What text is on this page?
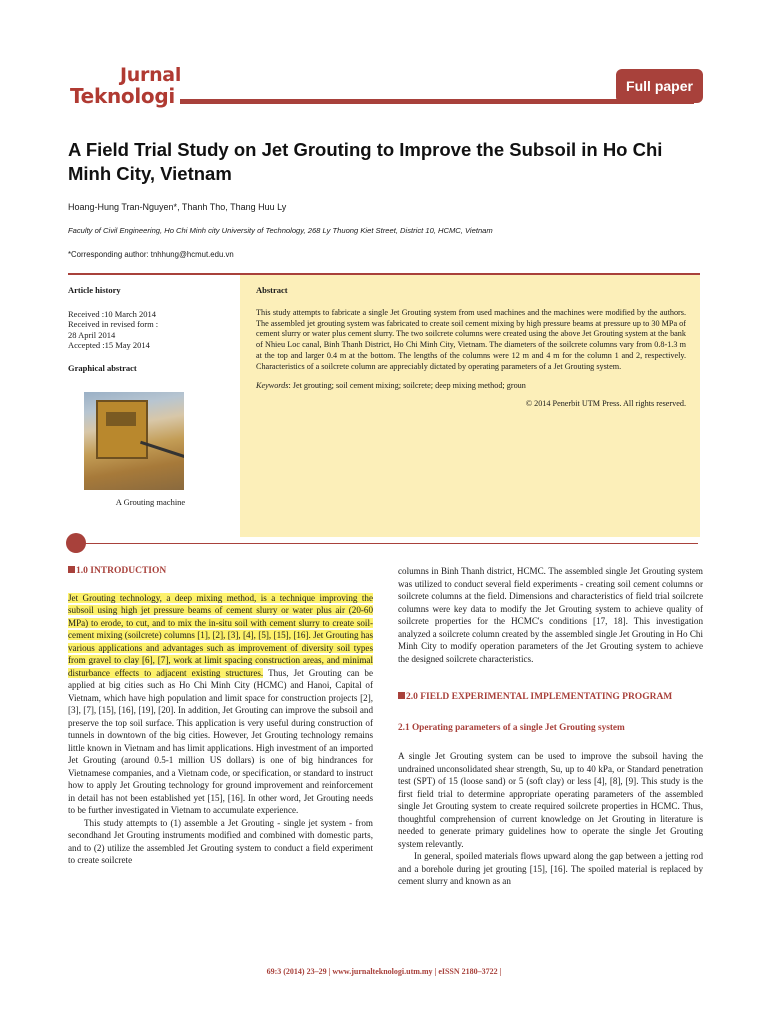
Jurnal
Teknologi	Full paper
A Field Trial Study on Jet Grouting to Improve the Subsoil in Ho Chi Minh City, Vietnam
Hoang-Hung Tran-Nguyen*, Thanh Tho, Thang Huu Ly
Faculty of Civil Engineering, Ho Chi Minh city University of Technology, 268 Ly Thuong Kiet Street, District 10, HCMC, Vietnam
*Corresponding author: tnhhung@hcmut.edu.vn
Article history
Received :10 March 2014
Received in revised form :
28 April 2014
Accepted :15 May 2014
Graphical abstract
A Grouting machine
Abstract

This study attempts to fabricate a single Jet Grouting system from used machines and the machines were modified by the authors. The assembled jet grouting system was fabricated to create soil cement mixing by high pressure beams at pressure up to 30 MPa of cement slurry or water plus cement slurry. The two soilcrete columns were created using the above Jet Grouting system at the bank of Nhieu Loc canal, Binh Thanh District, Ho Chi Minh City, Vietnam. The diameters of the soilcrete columns vary from 0.8-1.3 m at the top and larger 0.4 m at the bottom. The lengths of the columns were 12 m and 4 m for the column 1 and 2, respectively. Characteristics of a soilcrete column are appreciably dictated by operating parameters of a Jet Grouting system.

Keywords: Jet grouting; soil cement mixing; soilcrete; deep mixing method; groun

© 2014 Penerbit UTM Press. All rights reserved.

1.0 INTRODUCTION

Jet Grouting technology, a deep mixing method, is a technique improving the subsoil using high jet pressure beams of cement slurry or water plus air (20-60 MPa) to erode, to cut, and to mix the in-situ soil with cement slurry to create soil-cement mixing (soilcrete) columns [1], [2], [3], [4], [5], [15], [16]. Jet Grouting has various applications and advantages such as improvement of diversity soil types from gravel to clay [6], [7], work at limit spacing construction areas, and minimal disturbance effects to adjacent existing structures. Thus, Jet Grouting can be applied at big cities such as Ho Chi Minh City (HCMC) and Hanoi, Capital of Vietnam, which have high population and limit space for construction projects [2], [3], [7], [15], [16], [19], [20]. In addition, Jet Grouting can improve the subsoil and preserve the top soil surface. This application is very useful during construction of tunnels in downtown of the big cities. However, Jet Grouting technology remains little known in Vietnam and has limit applications. High investment of an imported Jet Grouting (around 0.5-1 million US dollars) is one of big hindrances for Vietnamese companies, and a Vietnam code, or specification, or standard to instruct how to apply Jet Grouting technology for ground improvement and reinforcement in detail has not been established yet [15], [16]. In other word, Jet Grouting needs to be further investigated in Vietnam to accumulate experience.

This study attempts to (1) assemble a Jet Grouting - single jet system - from secondhand Jet Grouting instruments modified and combined with domestic parts, and to (2) utilize the assembled Jet Grouting system to conduct a field experiment to create soilcrete

columns in Binh Thanh district, HCMC. The assembled single Jet Grouting system was utilized to conduct several field experiments - creating soil cement columns or soilcrete columns at the field. Dimensions and characteristics of field trial soilcrete columns were key data to modify the Jet Grouting system to achieve quality of soilcrete properties for the HCMC's conditions [17, 18]. This investigation analyzed a soilcrete column created by the assembled single Jet Grouting in Ho Chi Minh City to modify operation parameters of the Jet Grouting system to achieve the designed soilcrete characteristics.

2.0 FIELD EXPERIMENTAL IMPLEMENTATING PROGRAM
2.1 Operating parameters of a single Jet Grouting system

A single Jet Grouting system can be used to improve the subsoil having the undrained unconsolidated shear strength, Su, up to 40 kPa, or Standard penetration test (SPT) of 15 (loose sand) or 5 (soft clay) or less [4], [8], [9]. This study is the first field trial to determine appropriate operating parameters of the assembled single Jet Grouting system to create required soilcrete properties in HCMC. Thus, thoughtful comprehension of current knowledge on Jet Grouting in literature is needed to generate primary guidelines how to operate the single Jet Grouting system relevantly.

In general, spoiled materials flows upward along the gap between a jetting rod and a borehole during jet grouting [15], [16]. The spoiled material is replaced by cement slurry and known as an

69:3 (2014) 23–29 | www.jurnalteknologi.utm.my | eISSN 2180–3722 |
